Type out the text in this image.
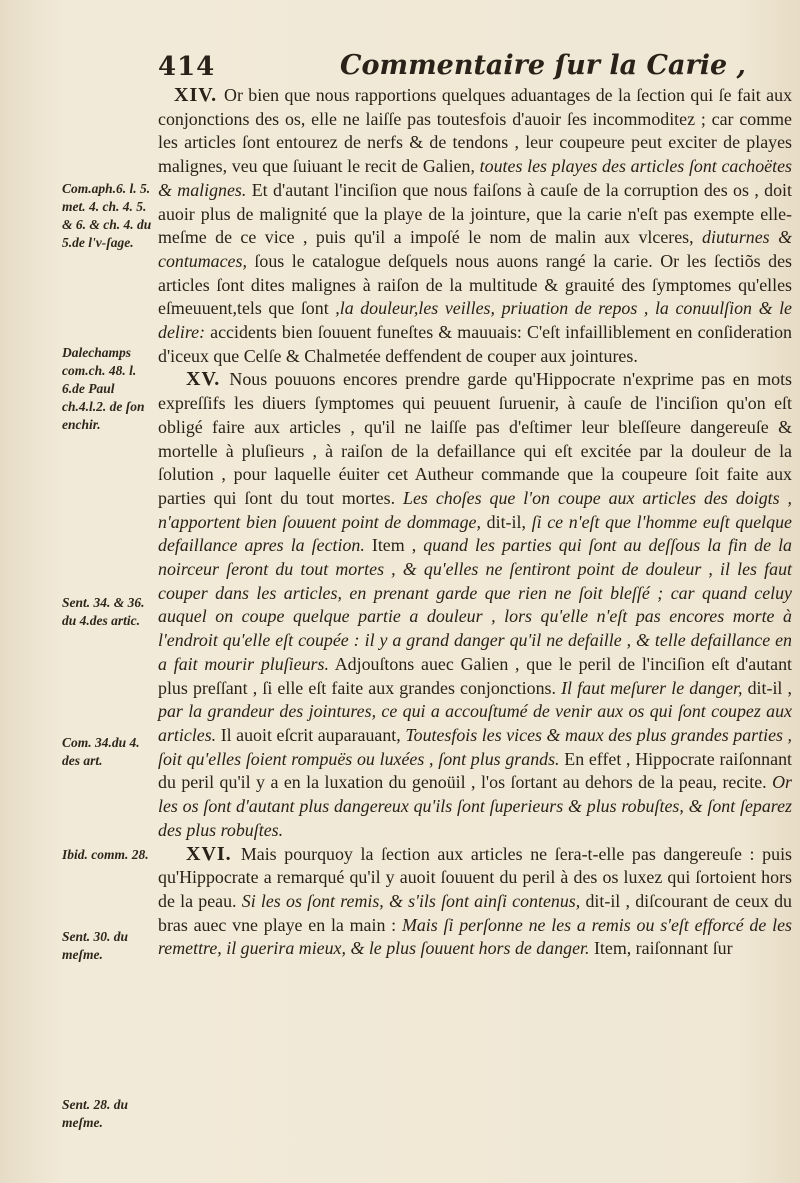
414	Commentaire ſur la Carie ,
Com.aph.6. l. 5. met. 4. ch. 4. 5. & 6. & ch. 4. du 5.de l'v-ſage.
Dalechamps com.ch. 48. l. 6.de Paul ch.4.l.2. de ſon enchir.
Sent. 34. & 36. du 4.des artic.
Com. 34.du 4. des art.
Ibid. comm. 28.
Sent. 30. du meſme.
Sent. 28. du meſme.

XIV. Or bien que nous rapportions quelques aduantages de la ſection qui ſe fait aux conjonctions des os, elle ne laiſſe pas toutesfois d'auoir ſes incommoditez ; car comme les articles ſont entourez de nerfs & de tendons , leur coupeure peut exciter de playes malignes, veu que ſuiuant le recit de Galien, toutes les playes des articles ſont cachoëtes & malignes. Et d'autant l'inciſion que nous faiſons à cauſe de la corruption des os , doit auoir plus de malignité que la playe de la jointure, que la carie n'eſt pas exempte elle-meſme de ce vice , puis qu'il a impoſé le nom de malin aux vlceres, diuturnes & contumaces, ſous le catalogue deſquels nous auons rangé la carie. Or les ſectiõs des articles ſont dites malignes à raiſon de la multitude & grauité des ſymptomes qu'elles eſmeuuent,tels que ſont ,la douleur,les veilles, priuation de repos , la conuulſion & le delire: accidents bien ſouuent funeſtes & mauuais: C'eſt infailliblement en conſideration d'iceux que Celſe & Chalmetée deffendent de couper aux jointures.

XV. Nous pouuons encores prendre garde qu'Hippocrate n'exprime pas en mots expreſſifs les diuers ſymptomes qui peuuent ſuruenir, à cauſe de l'inciſion qu'on eſt obligé faire aux articles , qu'il ne laiſſe pas d'eſtimer leur bleſſeure dangereuſe & mortelle à pluſieurs , à raiſon de la defaillance qui eſt excitée par la douleur de la ſolution , pour laquelle éuiter cet Autheur commande que la coupeure ſoit faite aux parties qui ſont du tout mortes. Les choſes que l'on coupe aux articles des doigts , n'apportent bien ſouuent point de dommage, dit-il, ſi ce n'eſt que l'homme euſt quelque defaillance apres la ſection. Item , quand les parties qui ſont au deſſous la fin de la noirceur ſeront du tout mortes , & qu'elles ne ſentiront point de douleur , il les faut couper dans les articles, en prenant garde que rien ne ſoit bleſſé ; car quand celuy auquel on coupe quelque partie a douleur , lors qu'elle n'eſt pas encores morte à l'endroit qu'elle eſt coupée : il y a grand danger qu'il ne defaille , & telle defaillance en a fait mourir pluſieurs. Adjouſtons auec Galien , que le peril de l'inciſion eſt d'autant plus preſſant , ſi elle eſt faite aux grandes conjonctions. Il faut meſurer le danger, dit-il , par la grandeur des jointures, ce qui a accouſtumé de venir aux os qui ſont coupez aux articles. Il auoit eſcrit auparauant, Toutesfois les vices & maux des plus grandes parties , ſoit qu'elles ſoient rompuës ou luxées , ſont plus grands. En effet , Hippocrate raiſonnant du peril qu'il y a en la luxation du genoüil , l'os ſortant au dehors de la peau, recite. Or les os ſont d'autant plus dangereux qu'ils ſont ſuperieurs & plus robuſtes, & ſont ſeparez des plus robuſtes.

XVI. Mais pourquoy la ſection aux articles ne ſera-t-elle pas dangereuſe : puis qu'Hippocrate a remarqué qu'il y auoit ſouuent du peril à des os luxez qui ſortoient hors de la peau. Si les os ſont remis, & s'ils ſont ainſi contenus, dit-il , diſcourant de ceux du bras auec vne playe en la main : Mais ſi perſonne ne les a remis ou s'eſt efforcé de les remettre, il guerira mieux, & le plus ſouuent hors de danger. Item, raiſonnant ſur
